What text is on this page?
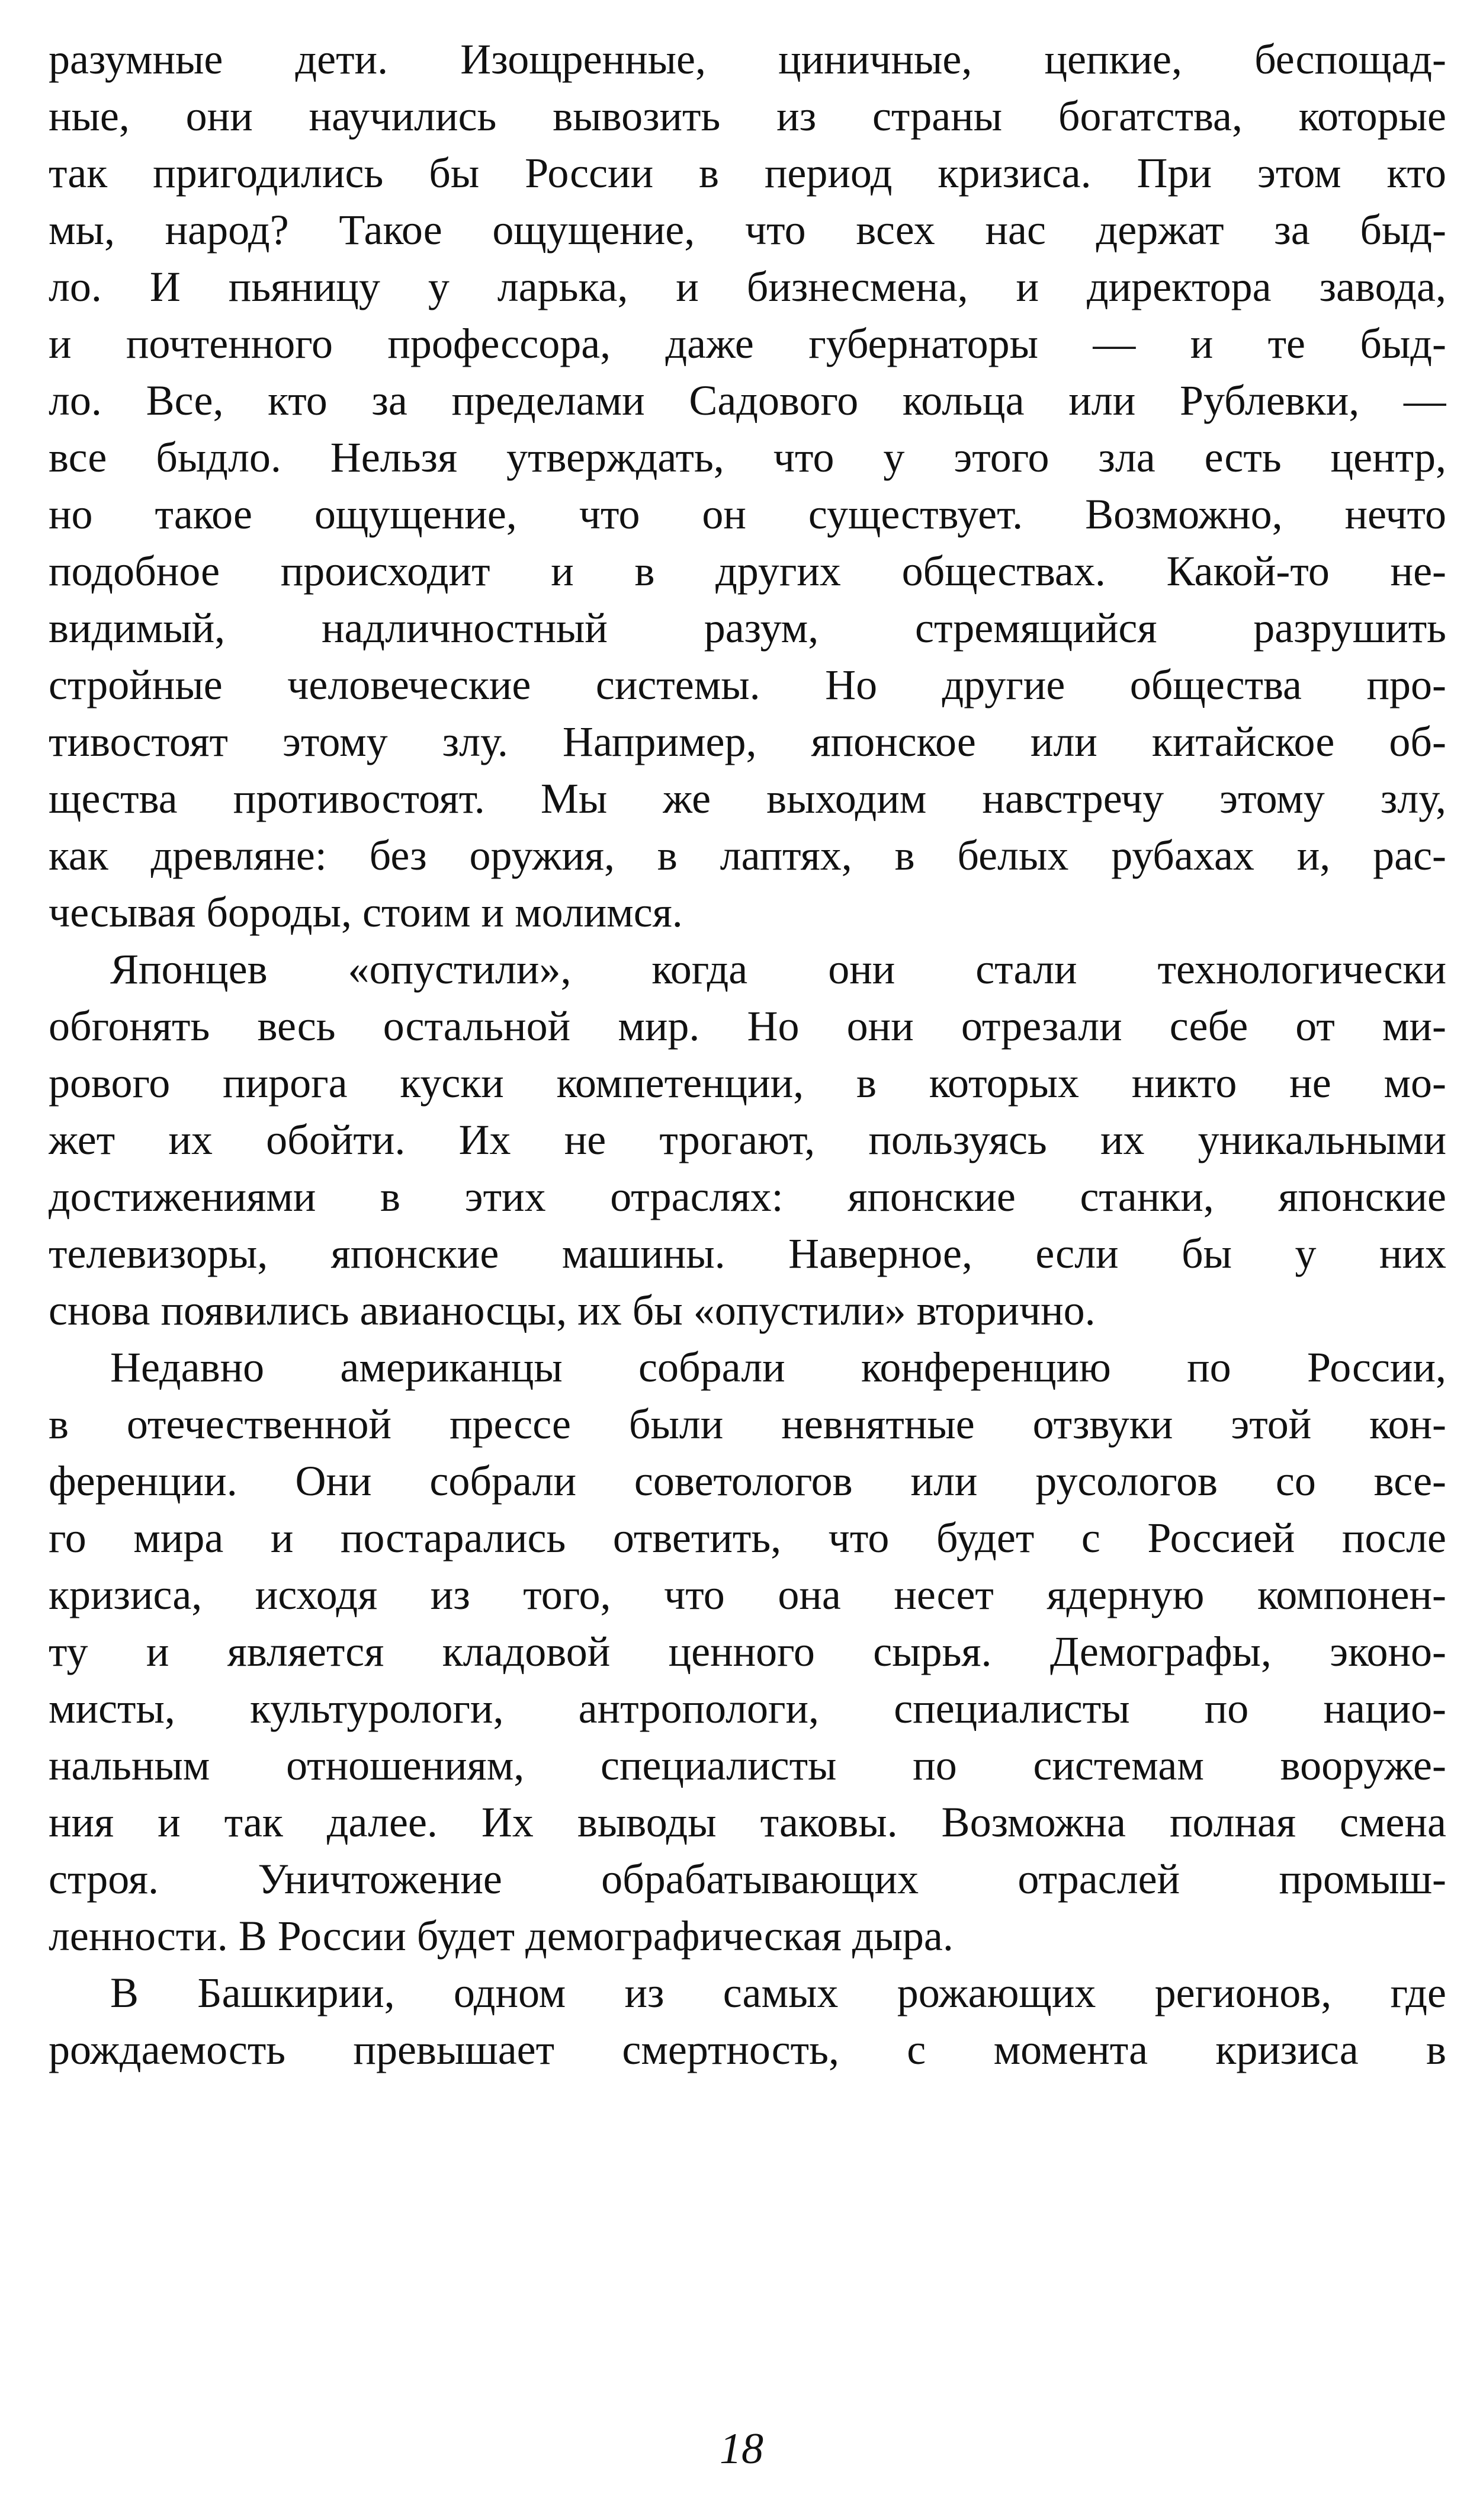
разумные дети. Изощренные, циничные, цепкие, беспощад-
ные, они научились вывозить из страны богатства, которые
так пригодились бы России в период кризиса. При этом кто
мы, народ? Такое ощущение, что всех нас держат за быд-
ло. И пьяницу у ларька, и бизнесмена, и директора завода,
и почтенного профессора, даже губернаторы — и те быд-
ло. Все, кто за пределами Садового кольца или Рублевки, —
все быдло. Нельзя утверждать, что у этого зла есть центр,
но такое ощущение, что он существует. Возможно, нечто
подобное происходит и в других обществах. Какой-то не-
видимый, надличностный разум, стремящийся разрушить
стройные человеческие системы. Но другие общества про-
тивостоят этому злу. Например, японское или китайское об-
щества противостоят. Мы же выходим навстречу этому злу,
как древляне: без оружия, в лаптях, в белых рубахах и, рас-
чесывая бороды, стоим и молимся.
Японцев «опустили», когда они стали технологически
обгонять весь остальной мир. Но они отрезали себе от ми-
рового пирога куски компетенции, в которых никто не мо-
жет их обойти. Их не трогают, пользуясь их уникальными
достижениями в этих отраслях: японские станки, японские
телевизоры, японские машины. Наверное, если бы у них
снова появились авианосцы, их бы «опустили» вторично.
Недавно американцы собрали конференцию по России,
в отечественной прессе были невнятные отзвуки этой кон-
ференции. Они собрали советологов или русологов со все-
го мира и постарались ответить, что будет с Россией после
кризиса, исходя из того, что она несет ядерную компонен-
ту и является кладовой ценного сырья. Демографы, эконо-
мисты, культурологи, антропологи, специалисты по нацио-
нальным отношениям, специалисты по системам вооруже-
ния и так далее. Их выводы таковы. Возможна полная смена
строя. Уничтожение обрабатывающих отраслей промыш-
ленности. В России будет демографическая дыра.
В Башкирии, одном из самых рожающих регионов, где
рождаемость превышает смертность, с момента кризиса в
18
